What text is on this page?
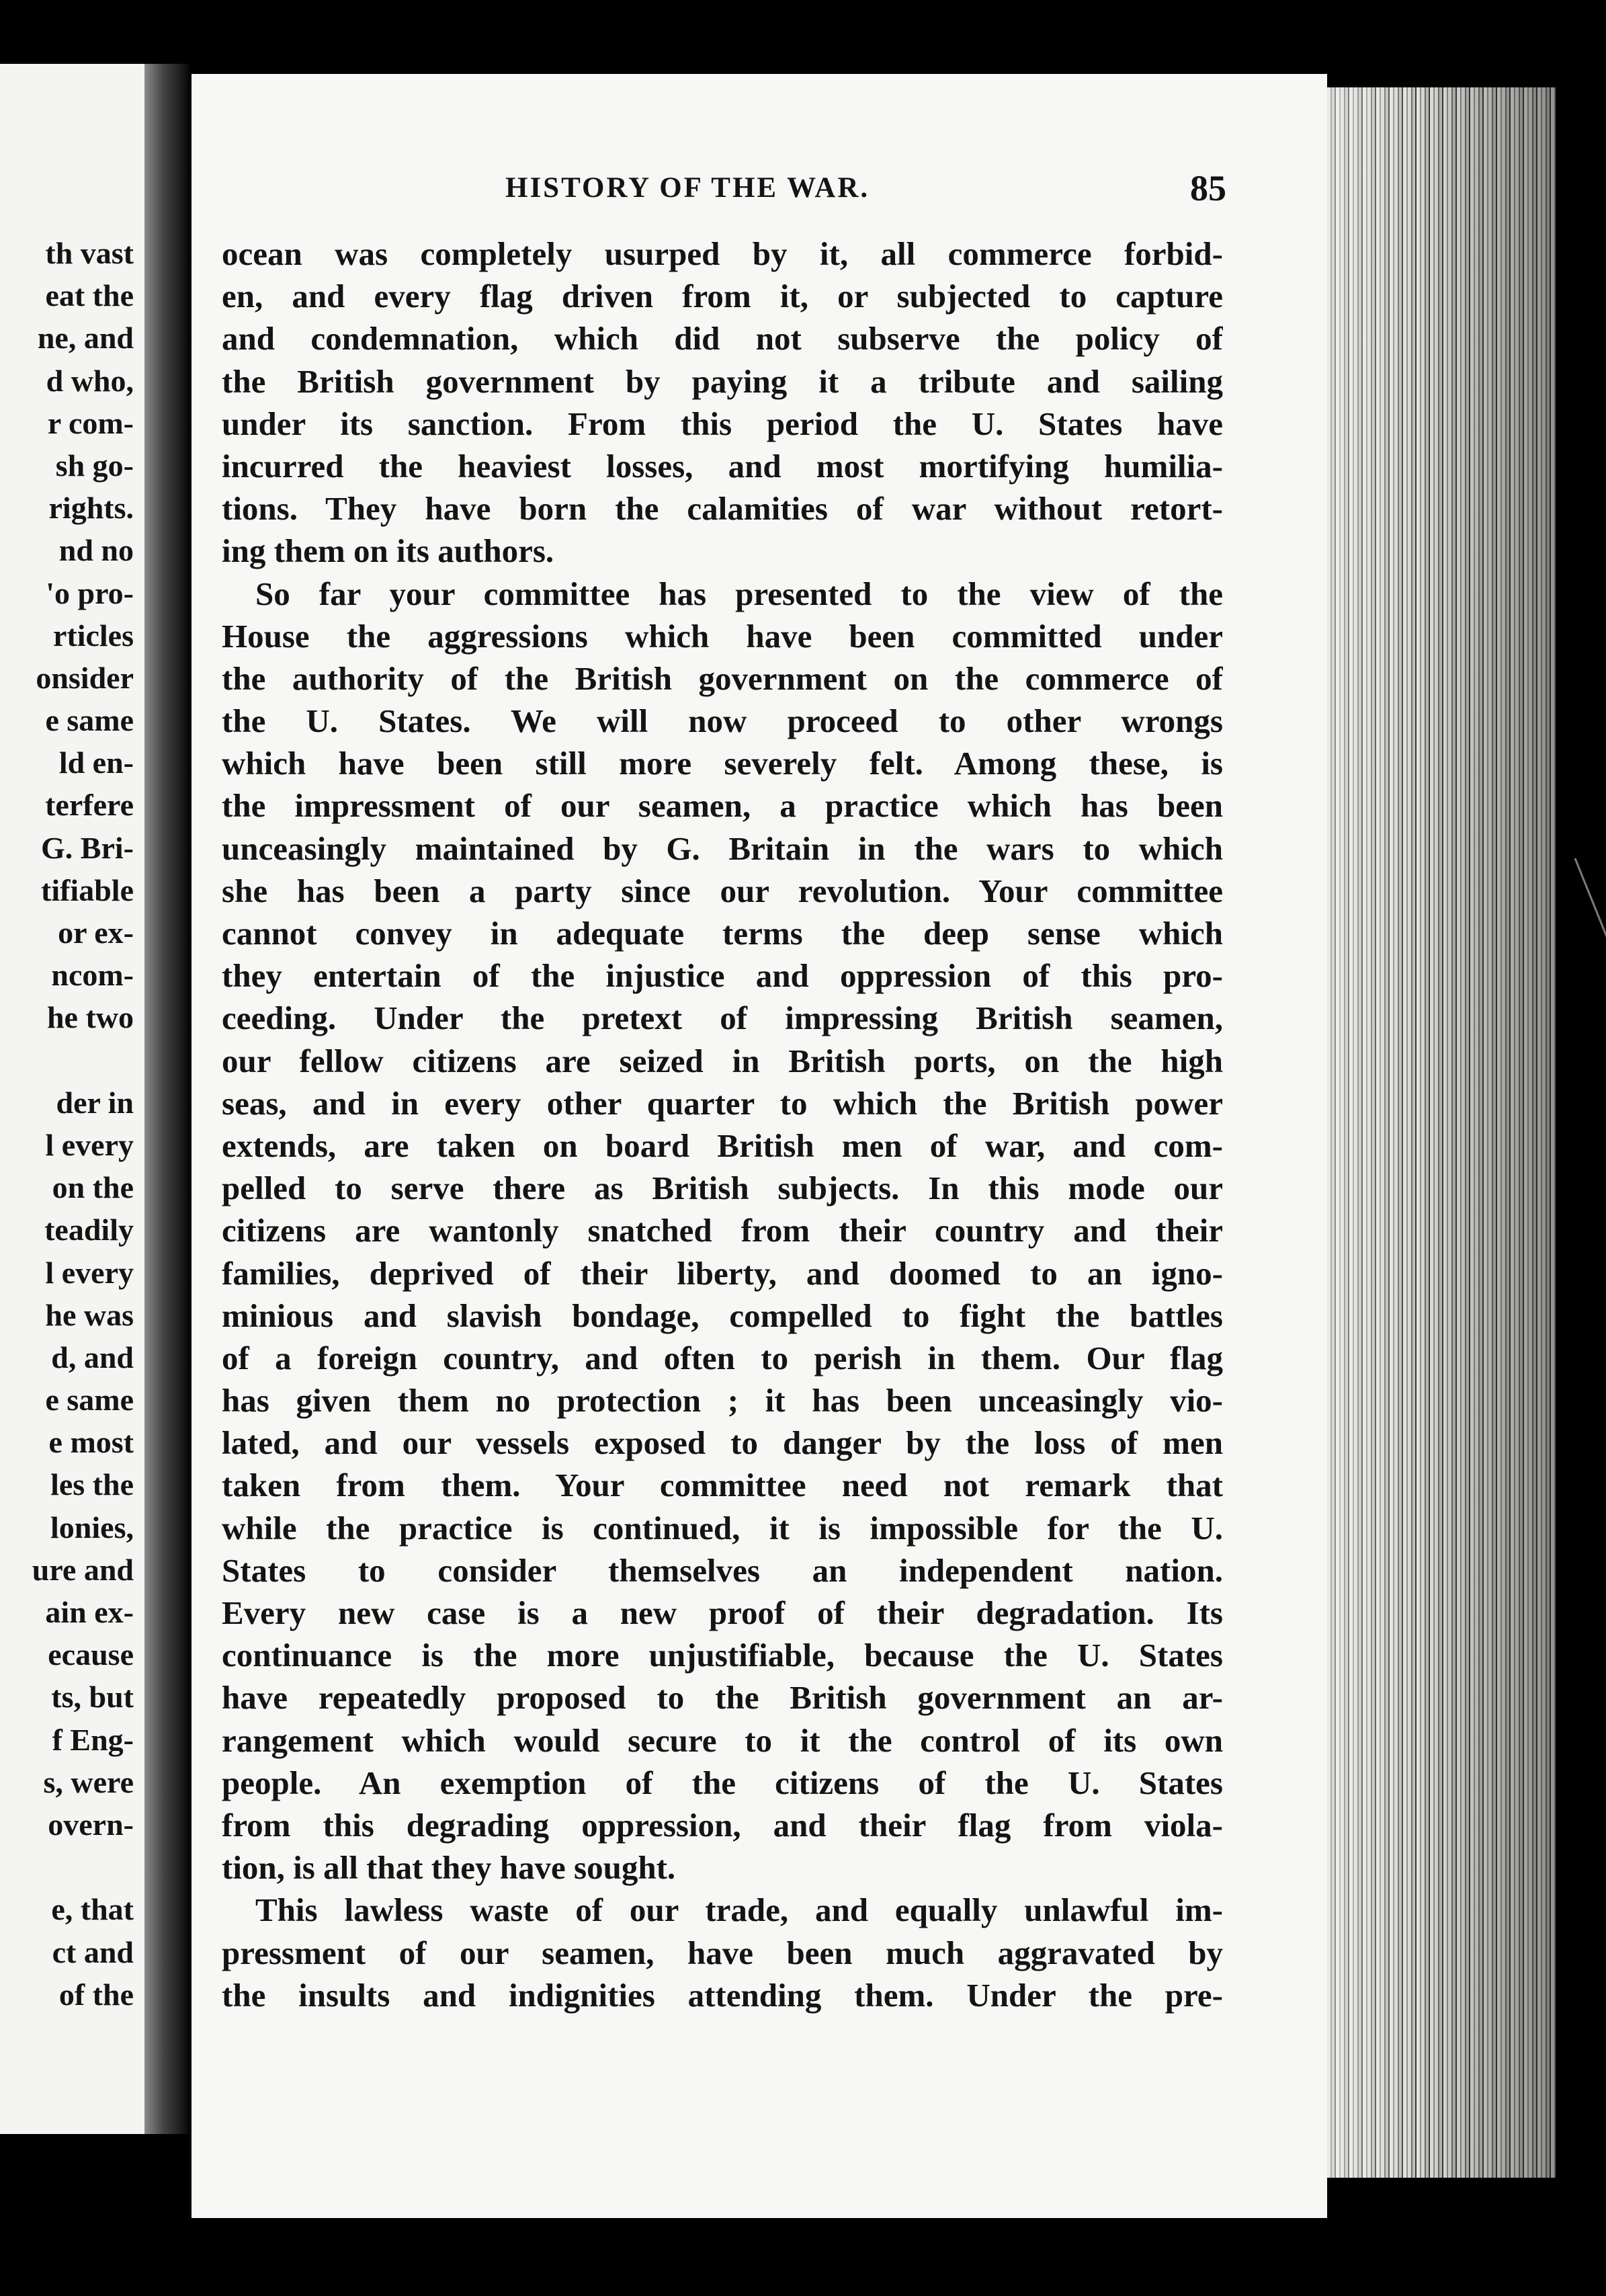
th vast
eat the
ne, and
d who,
r com-
sh go-
rights.
nd no
'o pro-
rticles
onsider
e same
ld en-
terfere
G. Bri-
tifiable
or ex-
ncom-
he two
der in
l every
on the
teadily
l every
he was
d, and
e same
e most
les the
lonies,
ure and
ain ex-
ecause
ts, but
f Eng-
s, were
overn-
e, that
ct and
of the
HISTORY OF THE WAR.	85
ocean was completely usurped by it, all commerce forbid-
en, and every flag driven from it, or subjected to capture
and condemnation, which did not subserve the policy of
the British government by paying it a tribute and sailing
under its sanction. From this period the U. States have
incurred the heaviest losses, and most mortifying humilia-
tions. They have born the calamities of war without retort-
ing them on its authors.
So far your committee has presented to the view of the
House the aggressions which have been committed under
the authority of the British government on the commerce of
the U. States. We will now proceed to other wrongs
which have been still more severely felt. Among these, is
the impressment of our seamen, a practice which has been
unceasingly maintained by G. Britain in the wars to which
she has been a party since our revolution. Your committee
cannot convey in adequate terms the deep sense which
they entertain of the injustice and oppression of this pro-
ceeding. Under the pretext of impressing British seamen,
our fellow citizens are seized in British ports, on the high
seas, and in every other quarter to which the British power
extends, are taken on board British men of war, and com-
pelled to serve there as British subjects. In this mode our
citizens are wantonly snatched from their country and their
families, deprived of their liberty, and doomed to an igno-
minious and slavish bondage, compelled to fight the battles
of a foreign country, and often to perish in them. Our flag
has given them no protection ; it has been unceasingly vio-
lated, and our vessels exposed to danger by the loss of men
taken from them. Your committee need not remark that
while the practice is continued, it is impossible for the U.
States to consider themselves an independent nation.
Every new case is a new proof of their degradation. Its
continuance is the more unjustifiable, because the U. States
have repeatedly proposed to the British government an ar-
rangement which would secure to it the control of its own
people. An exemption of the citizens of the U. States
from this degrading oppression, and their flag from viola-
tion, is all that they have sought.
This lawless waste of our trade, and equally unlawful im-
pressment of our seamen, have been much aggravated by
the insults and indignities attending them. Under the pre-
